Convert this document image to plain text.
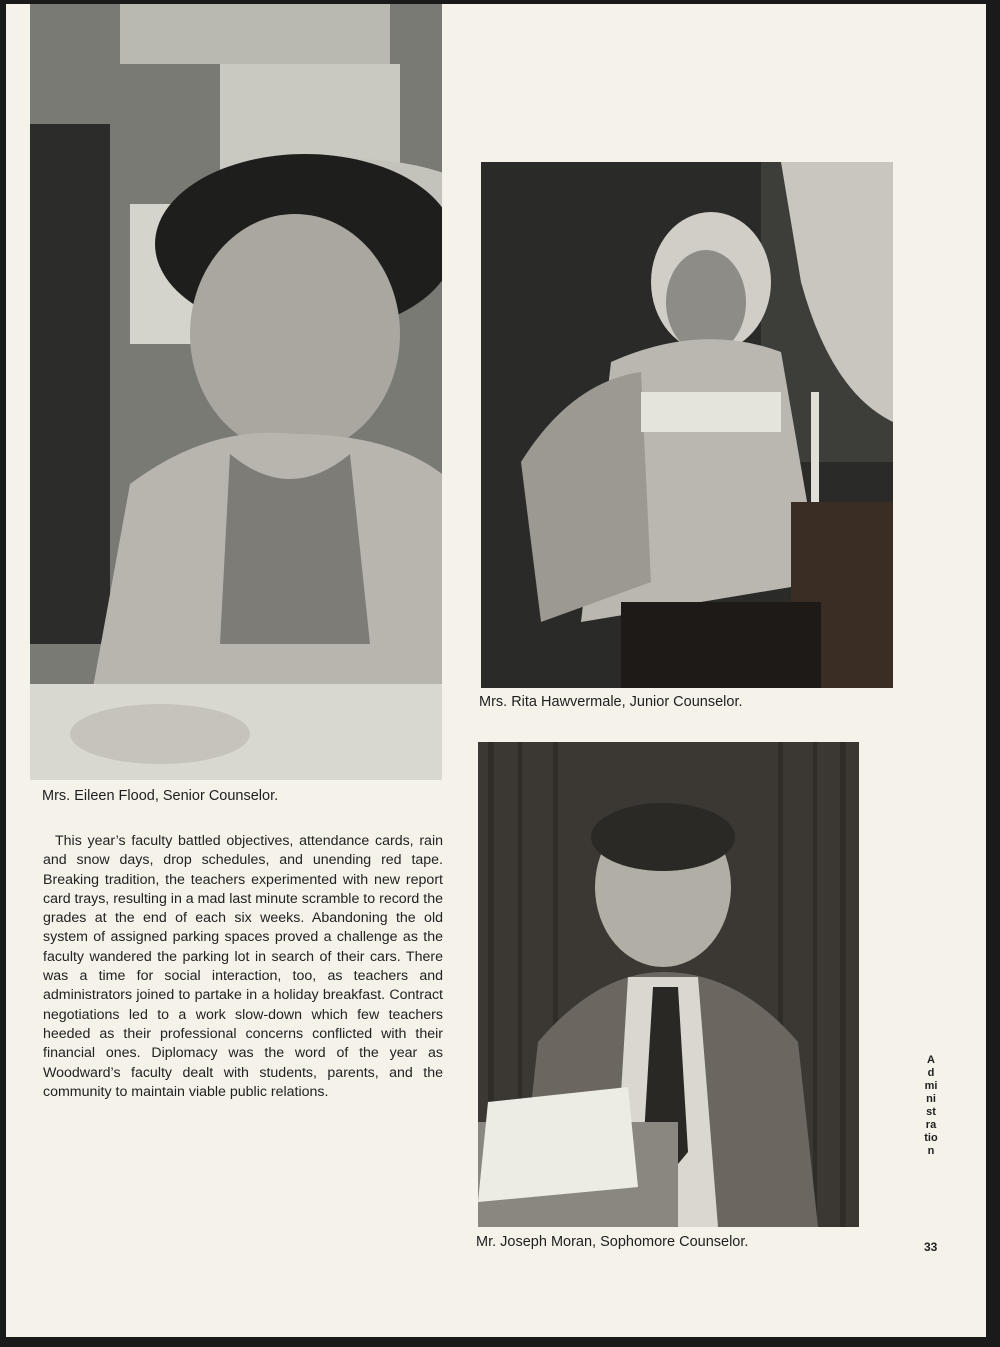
Mrs. Eileen Flood, Senior Counselor.
Mrs. Rita Hawvermale, Junior Counselor.
Mr. Joseph Moran, Sophomore Counselor.

This year’s faculty battled objectives, attendance cards, rain and snow days, drop schedules, and unending red tape. Breaking tradition, the teachers experimented with new report card trays, resulting in a mad last minute scramble to record the grades at the end of each six weeks. Abandoning the old system of assigned parking spaces proved a challenge as the faculty wandered the parking lot in search of their cars. There was a time for social interaction, too, as teachers and administrators joined to partake in a holiday breakfast. Contract negotiations led to a work slow-down which few teachers heeded as their professional concerns conflicted with their financial ones. Diplomacy was the word of the year as Woodward’s faculty dealt with students, parents, and the community to maintain viable public relations.

Administration
33
